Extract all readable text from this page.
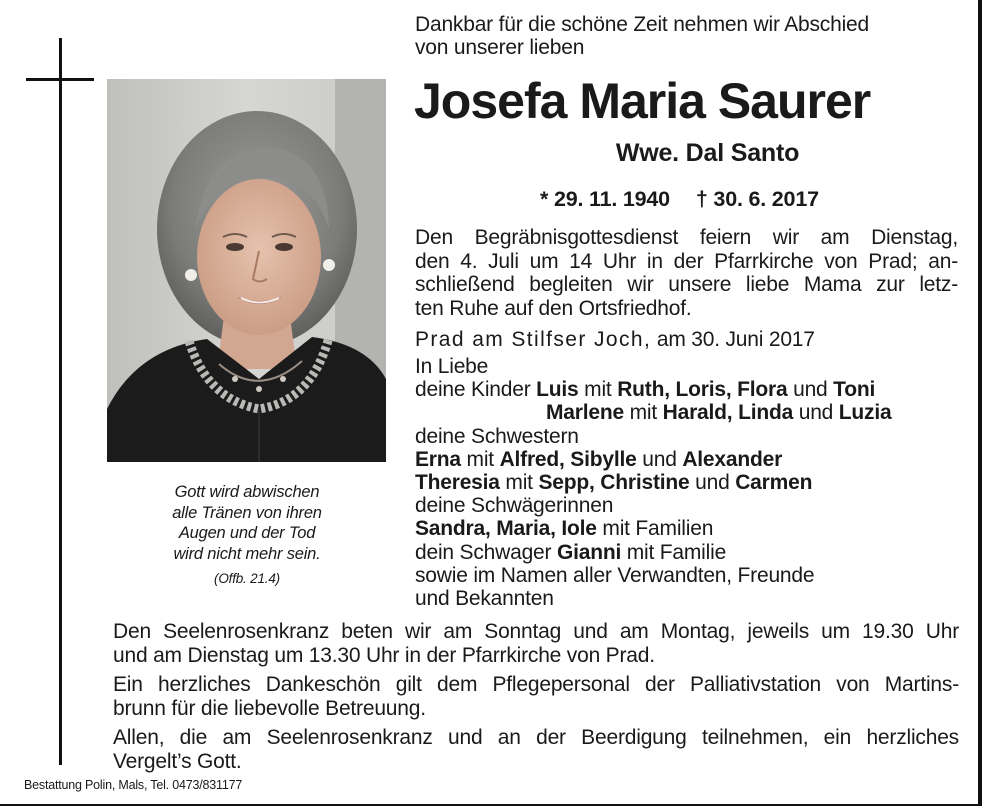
Gott wird abwischen
alle Tränen von ihren
Augen und der Tod
wird nicht mehr sein.
(Offb. 21.4)
Dankbar für die schöne Zeit nehmen wir Abschied
von unserer lieben
Josefa Maria Saurer
Wwe. Dal Santo
* 29. 11. 1940 † 30. 6. 2017
Den Begräbnisgottesdienst feiern wir am Dienstag,
den 4. Juli um 14 Uhr in der Pfarrkirche von Prad; an-
schließend begleiten wir unsere liebe Mama zur letz-
ten Ruhe auf den Ortsfriedhof.
Prad am Stilfser Joch, am 30. Juni 2017
In Liebe
deine Kinder Luis mit Ruth, Loris, Flora und Toni
Marlene mit Harald, Linda und Luzia
deine Schwestern
Erna mit Alfred, Sibylle und Alexander
Theresia mit Sepp, Christine und Carmen
deine Schwägerinnen
Sandra, Maria, Iole mit Familien
dein Schwager Gianni mit Familie
sowie im Namen aller Verwandten, Freunde
und Bekannten

Den Seelenrosenkranz beten wir am Sonntag und am Montag, jeweils um 19.30 Uhr
und am Dienstag um 13.30 Uhr in der Pfarrkirche von Prad.

Ein herzliches Dankeschön gilt dem Pflegepersonal der Palliativstation von Martins-
brunn für die liebevolle Betreuung.

Allen, die am Seelenrosenkranz und an der Beerdigung teilnehmen, ein herzliches
Vergelt’s Gott.

Bestattung Polin, Mals, Tel. 0473/831177
